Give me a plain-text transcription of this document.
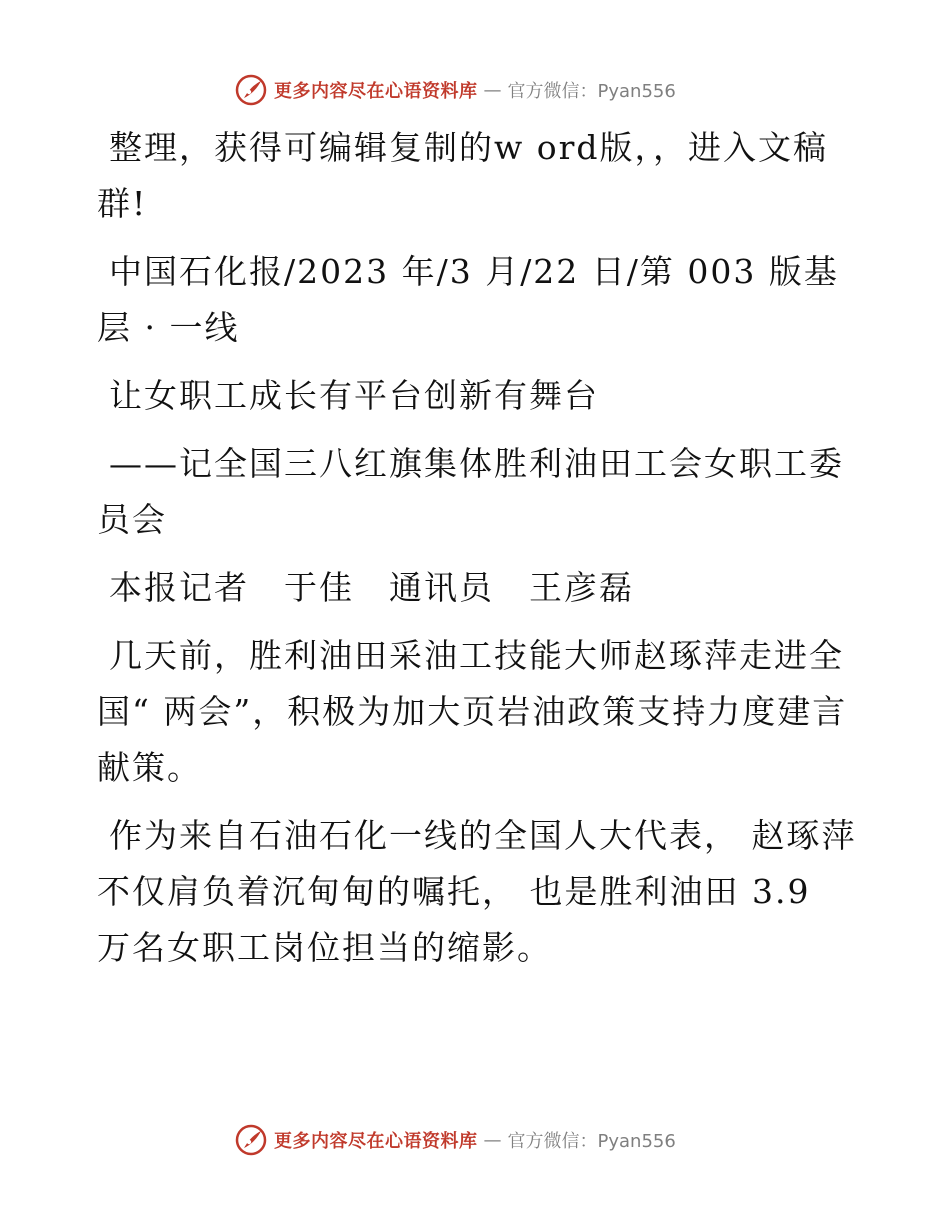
更多内容尽在心语资料库 — 官方微信：Pyan556

整理，获得可编辑复制的w ord版，，进入文稿群!

中国石化报/2023 年/3 月/22 日/第 003 版基层 · 一线

让女职工成长有平台创新有舞台

——记全国三八红旗集体胜利油田工会女职工委员会

本报记者　于佳　通讯员　王彦磊

几天前，胜利油田采油工技能大师赵琢萍走进全国“ 两会”，积极为加大页岩油政策支持力度建言献策。

作为来自石油石化一线的全国人大代表， 赵琢萍不仅肩负着沉甸甸的嘱托， 也是胜利油田 3.9 万名女职工岗位担当的缩影。

更多内容尽在心语资料库 — 官方微信：Pyan556
